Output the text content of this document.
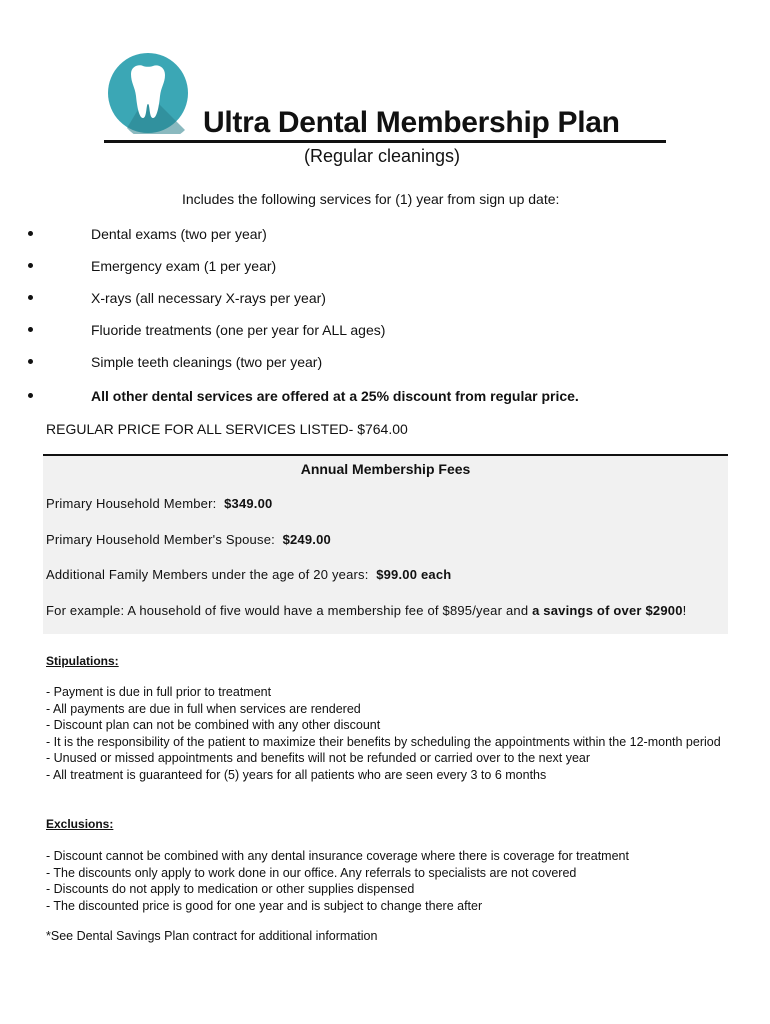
Ultra Dental Membership Plan
(Regular cleanings)
Includes the following services for (1) year from sign up date:
Dental exams (two per year)
Emergency exam (1 per year)
X-rays (all necessary X-rays per year)
Fluoride treatments (one per year for ALL ages)
Simple teeth cleanings (two per year)
All other dental services are offered at a 25% discount from regular price.
REGULAR PRICE FOR ALL SERVICES LISTED- $764.00
Annual Membership Fees
Primary Household Member: $349.00
Primary Household Member's Spouse: $249.00
Additional Family Members under the age of 20 years: $99.00 each
For example: A household of five would have a membership fee of $895/year and a savings of over $2900!
Stipulations:
- Payment is due in full prior to treatment
- All payments are due in full when services are rendered
- Discount plan can not be combined with any other discount
- It is the responsibility of the patient to maximize their benefits by scheduling the appointments within the 12-month period
- Unused or missed appointments and benefits will not be refunded or carried over to the next year
- All treatment is guaranteed for (5) years for all patients who are seen every 3 to 6 months
Exclusions:
- Discount cannot be combined with any dental insurance coverage where there is coverage for treatment
- The discounts only apply to work done in our office. Any referrals to specialists are not covered
- Discounts do not apply to medication or other supplies dispensed
- The discounted price is good for one year and is subject to change there after
*See Dental Savings Plan contract for additional information
